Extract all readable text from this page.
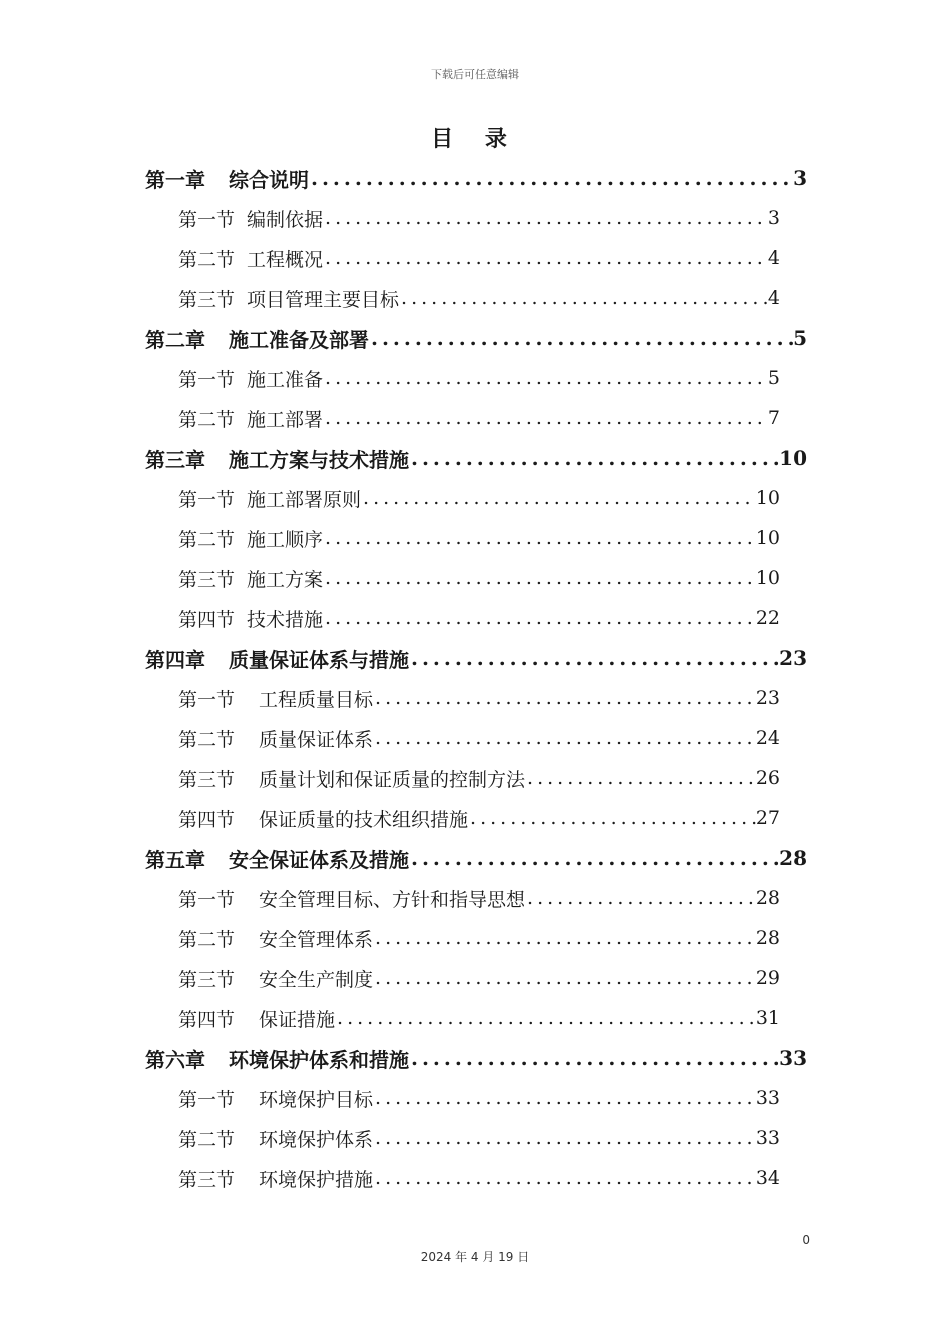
下载后可任意编辑
目 录
第一章 综合说明 .....	3
第一节 编制依据 .....	3
第二节 工程概况 .....	4
第三节 项目管理主要目标 .....	4
第二章 施工准备及部署 .....	5
第一节 施工准备 .....	5
第二节 施工部署 .....	7
第三章 施工方案与技术措施 .....	10
第一节 施工部署原则 .....	10
第二节 施工顺序 .....	10
第三节 施工方案 .....	10
第四节 技术措施 .....	22
第四章 质量保证体系与措施 .....	23
第一节 工程质量目标 .....	23
第二节 质量保证体系 .....	24
第三节 质量计划和保证质量的控制方法 .....	26
第四节 保证质量的技术组织措施 .....	27
第五章 安全保证体系及措施 .....	28
第一节 安全管理目标、方针和指导思想 .....	28
第二节 安全管理体系 .....	28
第三节 安全生产制度 .....	29
第四节 保证措施 .....	31
第六章 环境保护体系和措施 .....	33
第一节 环境保护目标 .....	33
第二节 环境保护体系 .....	33
第三节 环境保护措施 .....	34
0
2024 年 4 月 19 日
